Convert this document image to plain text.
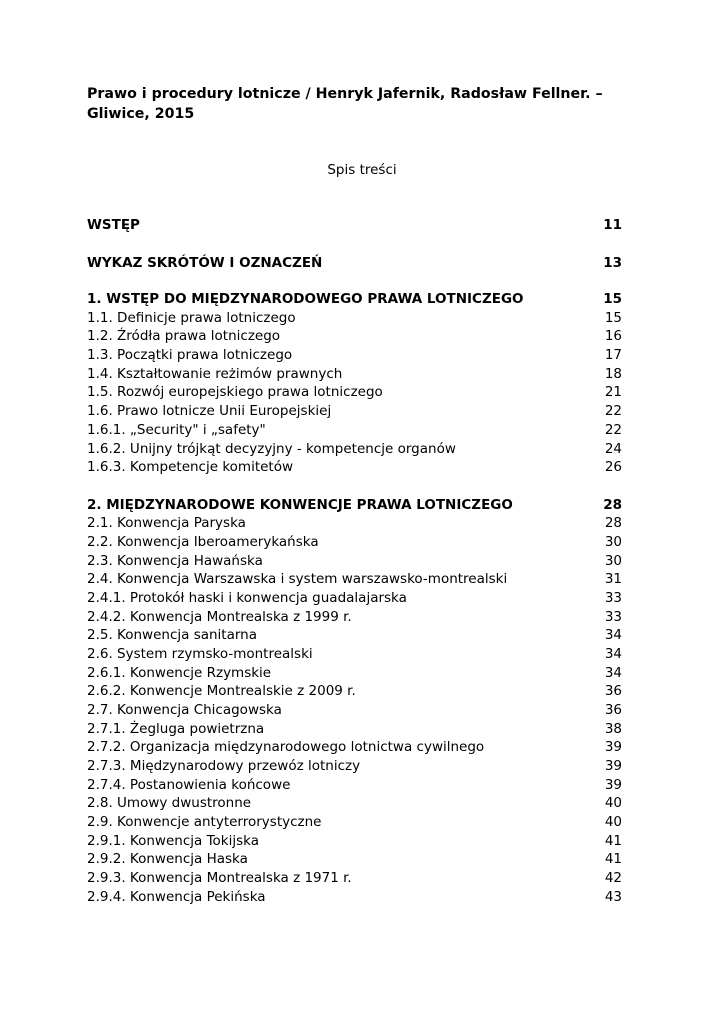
Prawo i procedury lotnicze / Henryk Jafernik, Radosław Fellner. – Gliwice, 2015
Spis treści
WSTĘP	11
WYKAZ SKRÓTÓW I OZNACZEŃ	13
1. WSTĘP DO MIĘDZYNARODOWEGO PRAWA LOTNICZEGO	15
1.1. Definicje prawa lotniczego	15
1.2. Źródła prawa lotniczego	16
1.3. Początki prawa lotniczego	17
1.4. Kształtowanie reżimów prawnych	18
1.5. Rozwój europejskiego prawa lotniczego	21
1.6. Prawo lotnicze Unii Europejskiej	22
1.6.1. „Security" i „safety"	22
1.6.2. Unijny trójkąt decyzyjny - kompetencje organów	24
1.6.3. Kompetencje komitetów	26
2. MIĘDZYNARODOWE KONWENCJE PRAWA LOTNICZEGO	28
2.1. Konwencja Paryska	28
2.2. Konwencja Iberoamerykańska	30
2.3. Konwencja Hawańska	30
2.4. Konwencja Warszawska i system warszawsko-montrealski	31
2.4.1. Protokół haski i konwencja guadalajarska	33
2.4.2. Konwencja Montrealska z 1999 r.	33
2.5. Konwencja sanitarna	34
2.6. System rzymsko-montrealski	34
2.6.1. Konwencje Rzymskie	34
2.6.2. Konwencje Montrealskie z 2009 r.	36
2.7. Konwencja Chicagowska	36
2.7.1. Żegluga powietrzna	38
2.7.2. Organizacja międzynarodowego lotnictwa cywilnego	39
2.7.3. Międzynarodowy przewóz lotniczy	39
2.7.4. Postanowienia końcowe	39
2.8. Umowy dwustronne	40
2.9. Konwencje antyterrorystyczne	40
2.9.1. Konwencja Tokijska	41
2.9.2. Konwencja Haska	41
2.9.3. Konwencja Montrealska z 1971 r.	42
2.9.4. Konwencja Pekińska	43
